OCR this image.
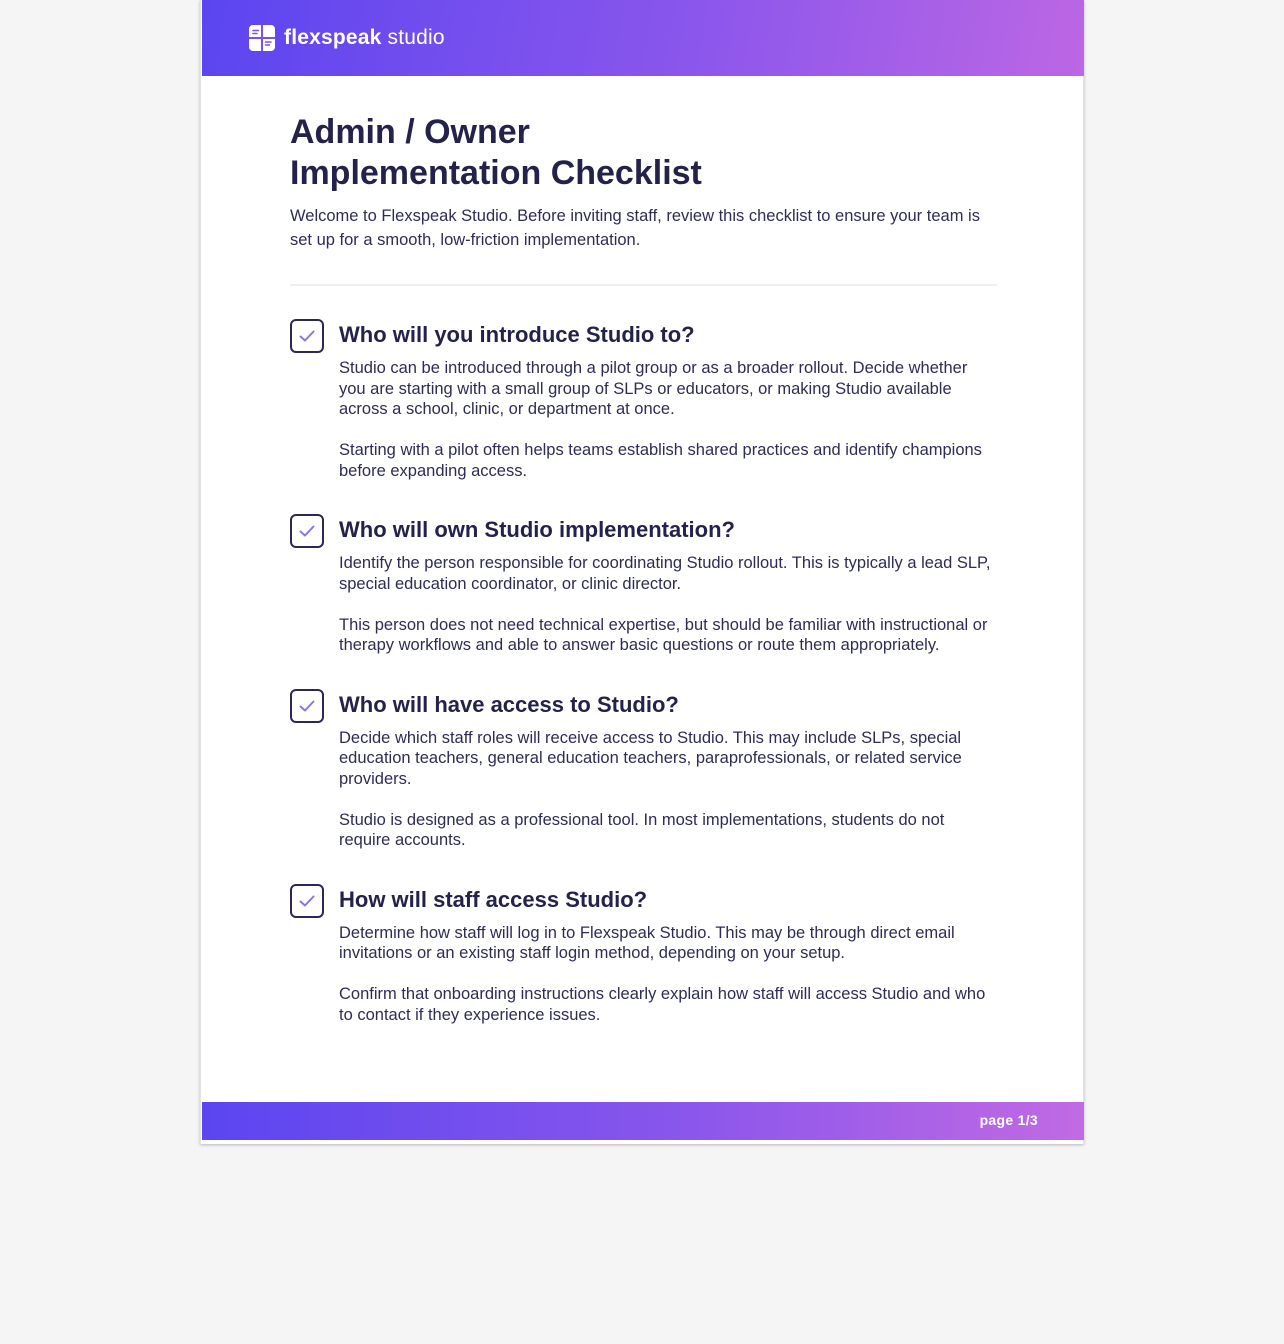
flexspeak studio
Admin / Owner
Implementation Checklist

Welcome to Flexspeak Studio. Before inviting staff, review this checklist to ensure your team is set up for a smooth, low-friction implementation.

Who will you introduce Studio to?

Studio can be introduced through a pilot group or as a broader rollout. Decide whether you are starting with a small group of SLPs or educators, or making Studio available across a school, clinic, or department at once.

Starting with a pilot often helps teams establish shared practices and identify champions before expanding access.

Who will own Studio implementation?

Identify the person responsible for coordinating Studio rollout. This is typically a lead SLP, special education coordinator, or clinic director.

This person does not need technical expertise, but should be familiar with instructional or therapy workflows and able to answer basic questions or route them appropriately.

Who will have access to Studio?

Decide which staff roles will receive access to Studio. This may include SLPs, special education teachers, general education teachers, paraprofessionals, or related service providers.

Studio is designed as a professional tool. In most implementations, students do not require accounts.

How will staff access Studio?

Determine how staff will log in to Flexspeak Studio. This may be through direct email invitations or an existing staff login method, depending on your setup.

Confirm that onboarding instructions clearly explain how staff will access Studio and who to contact if they experience issues.

page 1/3
